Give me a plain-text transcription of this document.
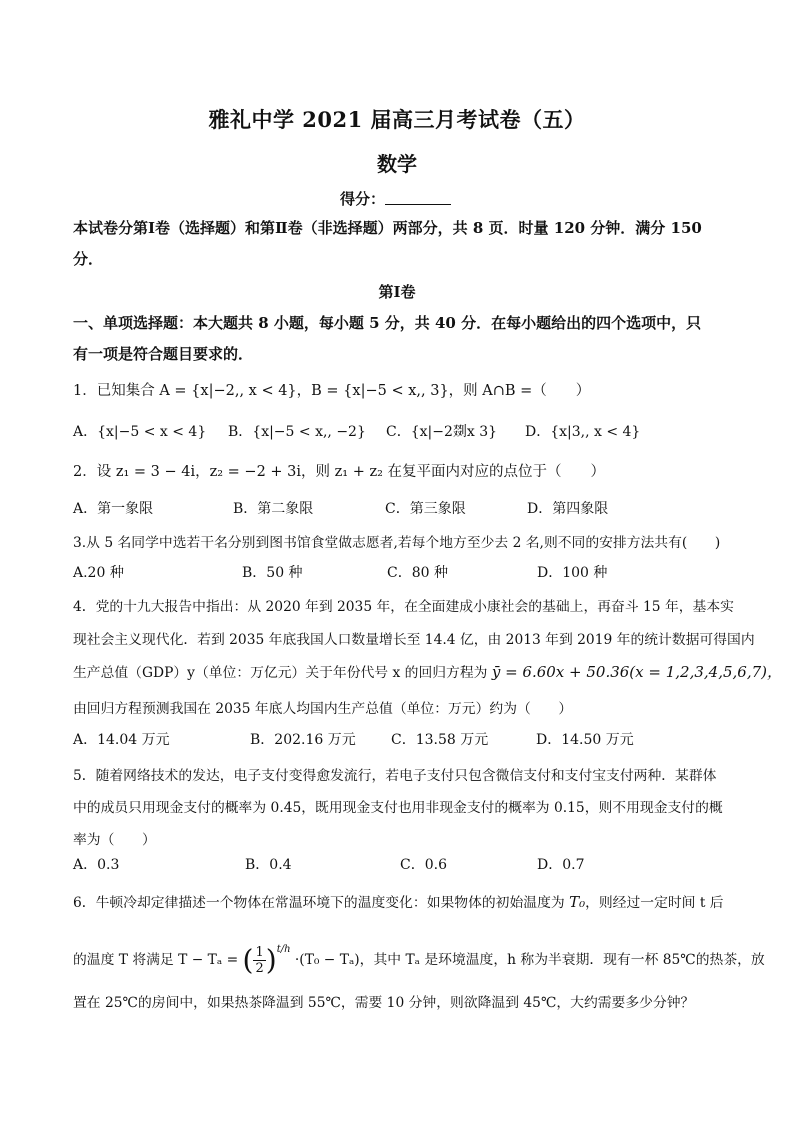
雅礼中学 2021 届高三月考试卷（五）
数学
得分：
本试卷分第Ⅰ卷（选择题）和第Ⅱ卷（非选择题）两部分，共 8 页．时量 120 分钟．满分 150
分．
第Ⅰ卷
一、单项选择题：本大题共 8 小题，每小题 5 分，共 40 分．在每小题给出的四个选项中，只
有一项是符合题目要求的．
1．已知集合 A = {x|−2,, x < 4}，B = {x|−5 < x,, 3}，则 A∩B =（　　）
A．{x|−5 < x < 4} B．{x|−5 < x,, −2} C．{x|−2剟x 3} D．{x|3,, x < 4}
2．设 z₁ = 3 − 4i，z₂ = −2 + 3i，则 z₁ + z₂ 在复平面内对应的点位于（　　）
A．第一象限	B．第二象限	C．第三象限	D．第四象限
3.从 5 名同学中选若干名分别到图书馆食堂做志愿者,若每个地方至少去 2 名,则不同的安排方法共有(　　)
A.20 种	B．50 种	C．80 种	D．100 种
4．党的十九大报告中指出：从 2020 年到 2035 年，在全面建成小康社会的基础上，再奋斗 15 年，基本实
现社会主义现代化．若到 2035 年底我国人口数量增长至 14.4 亿，由 2013 年到 2019 年的统计数据可得国内
生产总值（GDP）y（单位：万亿元）关于年份代号 x 的回归方程为 ȳ = 6.60x + 50.36(x = 1,2,3,4,5,6,7)，
由回归方程预测我国在 2035 年底人均国内生产总值（单位：万元）约为（　　）
A．14.04 万元	B．202.16 万元	C．13.58 万元	D．14.50 万元
5．随着网络技术的发达，电子支付变得愈发流行，若电子支付只包含微信支付和支付宝支付两种．某群体
中的成员只用现金支付的概率为 0.45，既用现金支付也用非现金支付的概率为 0.15，则不用现金支付的概
率为（　　）
A．0.3	B．0.4	C．0.6	D．0.7
6．牛顿冷却定律描述一个物体在常温环境下的温度变化：如果物体的初始温度为 T₀，则经过一定时间 t 后
的温度 T 将满足 T − Tₐ = ( $\frac{1}{2} )^{t/h} \cdot(T_0 - T_a)$，其中 Tₐ 是环境温度，h 称为半衰期．现有一杯 85℃的热茶，放
置在 25℃的房间中，如果热茶降温到 55℃，需要 10 分钟，则欲降温到 45℃，大约需要多少分钟？
